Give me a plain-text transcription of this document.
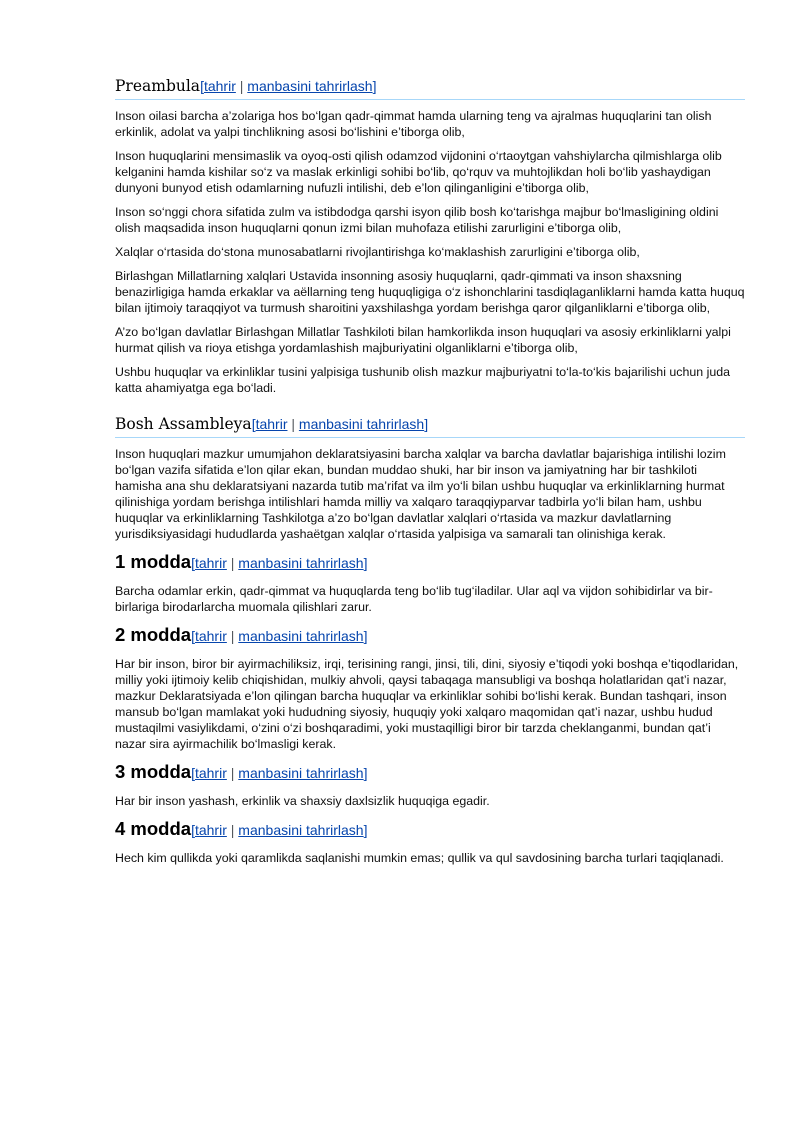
Preambula[tahrir | manbasini tahrirlash]

Inson oilasi barcha a’zolariga hos bo‘lgan qadr-qimmat hamda ularning teng va ajralmas huquqlarini tan olish erkinlik, adolat va yalpi tinchlikning asosi bo‘lishini e’tiborga olib,

Inson huquqlarini mensimaslik va oyoq-osti qilish odamzod vijdonini o‘rtaoytgan vahshiylarcha qilmishlarga olib kelganini hamda kishilar so‘z va maslak erkinligi sohibi bo‘lib, qo‘rquv va muhtojlikdan holi bo‘lib yashaydigan dunyoni bunyod etish odamlarning nufuzli intilishi, deb e’lon qilinganligini e’tiborga olib,

Inson so‘nggi chora sifatida zulm va istibdodga qarshi isyon qilib bosh ko‘tarishga majbur bo‘lmasligining oldini olish maqsadida inson huquqlarni qonun izmi bilan muhofaza etilishi zarurligini e’tiborga olib,

Xalqlar o‘rtasida do‘stona munosabatlarni rivojlantirishga ko‘maklashish zarurligini e’tiborga olib,

Birlashgan Millatlarning xalqlari Ustavida insonning asosiy huquqlarni, qadr-qimmati va inson shaxsning benazirligiga hamda erkaklar va aёllarning teng huquqligiga o‘z ishonchlarini tasdiqlaganliklarni hamda katta huquq bilan ijtimoiy taraqqiyot va turmush sharoitini yaxshilashga yordam berishga qaror qilganliklarni e’tiborga olib,

A’zo bo‘lgan davlatlar Birlashgan Millatlar Tashkiloti bilan hamkorlikda inson huquqlari va asosiy erkinliklarni yalpi hurmat qilish va rioya etishga yordamlashish majburiyatini olganliklarni e’tiborga olib,

Ushbu huquqlar va erkinliklar tusini yalpisiga tushunib olish mazkur majburiyatni to‘la-to‘kis bajarilishi uchun juda katta ahamiyatga ega bo‘ladi.

Bosh Assambleya[tahrir | manbasini tahrirlash]

Inson huquqlari mazkur umumjahon deklaratsiyasini barcha xalqlar va barcha davlatlar bajarishiga intilishi lozim bo‘lgan vazifa sifatida e’lon qilar ekan, bundan muddao shuki, har bir inson va jamiyatning har bir tashkiloti hamisha ana shu deklaratsiyani nazarda tutib ma’rifat va ilm yo‘li bilan ushbu huquqlar va erkinliklarning hurmat qilinishiga yordam berishga intilishlari hamda milliy va xalqaro taraqqiyparvar tadbirla yo‘li bilan ham, ushbu huquqlar va erkinliklarning Tashkilotga a’zo bo‘lgan davlatlar xalqlari o‘rtasida va mazkur davlatlarning yurisdiksiyasidagi hududlarda yashaёtgan xalqlar o‘rtasida yalpisiga va samarali tan olinishiga kerak.

1 modda[tahrir | manbasini tahrirlash]

Barcha odamlar erkin, qadr-qimmat va huquqlarda teng bo‘lib tug‘iladilar. Ular aql va vijdon sohibidirlar va bir-birlariga birodarlarcha muomala qilishlari zarur.

2 modda[tahrir | manbasini tahrirlash]

Har bir inson, biror bir ayirmachiliksiz, irqi, terisining rangi, jinsi, tili, dini, siyosiy e’tiqodi yoki boshqa e’tiqodlaridan, milliy yoki ijtimoiy kelib chiqishidan, mulkiy ahvoli, qaysi tabaqaga mansubligi va boshqa holatlaridan qat’i nazar, mazkur Deklaratsiyada e’lon qilingan barcha huquqlar va erkinliklar sohibi bo‘lishi kerak. Bundan tashqari, inson mansub bo‘lgan mamlakat yoki hududning siyosiy, huquqiy yoki xalqaro maqomidan qat’i nazar, ushbu hudud mustaqilmi vasiylikdami, o‘zini o‘zi boshqaradimi, yoki mustaqilligi biror bir tarzda cheklanganmi, bundan qat’i nazar sira ayirmachilik bo‘lmasligi kerak.

3 modda[tahrir | manbasini tahrirlash]

Har bir inson yashash, erkinlik va shaxsiy daxlsizlik huquqiga egadir.

4 modda[tahrir | manbasini tahrirlash]

Hech kim qullikda yoki qaramlikda saqlanishi mumkin emas; qullik va qul savdosining barcha turlari taqiqlanadi.
